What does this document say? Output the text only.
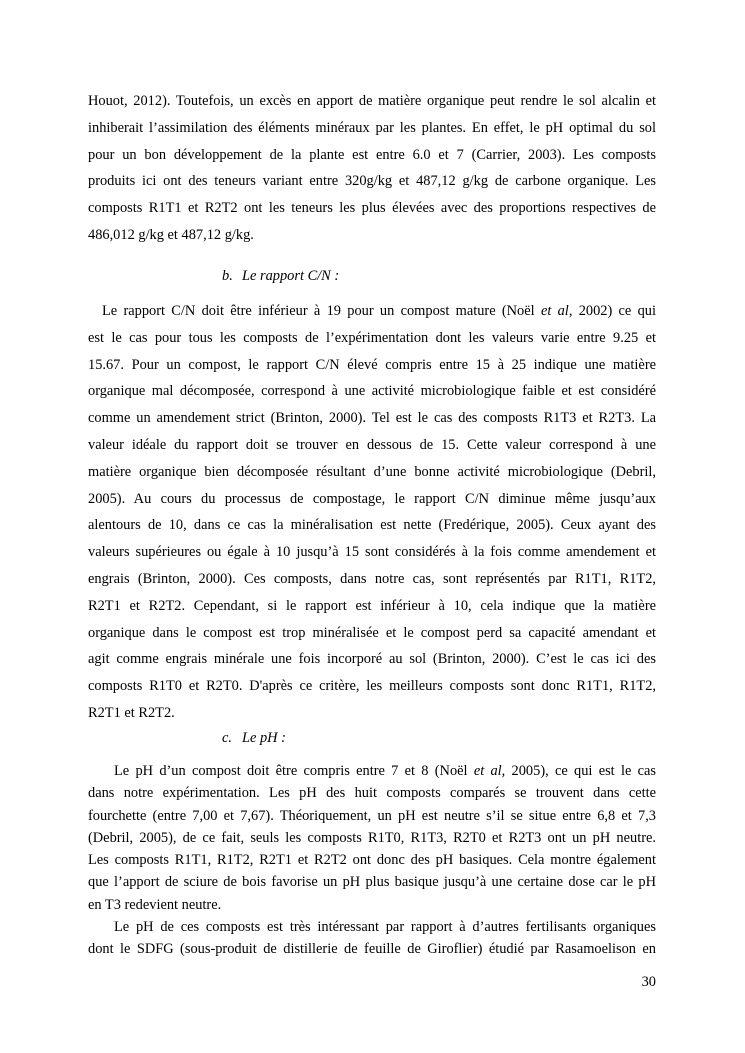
Houot, 2012). Toutefois, un excès en apport de matière organique peut rendre le sol alcalin et
inhiberait l’assimilation des éléments minéraux par les plantes. En effet, le pH optimal du sol
pour un bon développement de la plante est entre 6.0 et 7 (Carrier, 2003). Les composts
produits ici ont des teneurs variant entre 320g/kg et 487,12 g/kg de carbone organique. Les
composts R1T1 et R2T2 ont les teneurs les plus élevées avec des proportions respectives de
486,012 g/kg et 487,12 g/kg.
b. Le rapport C/N :
Le rapport C/N doit être inférieur à 19 pour un compost mature (Noël et al, 2002) ce qui
est le cas pour tous les composts de l’expérimentation dont les valeurs varie entre 9.25 et
15.67. Pour un compost, le rapport C/N élevé compris entre 15 à 25 indique une matière
organique mal décomposée, correspond à une activité microbiologique faible et est considéré
comme un amendement strict (Brinton, 2000). Tel est le cas des composts R1T3 et R2T3. La
valeur idéale du rapport doit se trouver en dessous de 15. Cette valeur correspond à une
matière organique bien décomposée résultant d’une bonne activité microbiologique (Debril,
2005). Au cours du processus de compostage, le rapport C/N diminue même jusqu’aux
alentours de 10, dans ce cas la minéralisation est nette (Fredérique, 2005). Ceux ayant des
valeurs supérieures ou égale à 10 jusqu’à 15 sont considérés à la fois comme amendement et
engrais (Brinton, 2000). Ces composts, dans notre cas, sont représentés par R1T1, R1T2,
R2T1 et R2T2. Cependant, si le rapport est inférieur à 10, cela indique que la matière
organique dans le compost est trop minéralisée et le compost perd sa capacité amendant et
agit comme engrais minérale une fois incorporé au sol (Brinton, 2000). C’est le cas ici des
composts R1T0 et R2T0. D'après ce critère, les meilleurs composts sont donc R1T1, R1T2,
R2T1 et R2T2.
c. Le pH :
Le pH d’un compost doit être compris entre 7 et 8 (Noël et al, 2005), ce qui est le cas
dans notre expérimentation. Les pH des huit composts comparés se trouvent dans cette
fourchette (entre 7,00 et 7,67). Théoriquement, un pH est neutre s’il se situe entre 6,8 et 7,3
(Debril, 2005), de ce fait, seuls les composts R1T0, R1T3, R2T0 et R2T3 ont un pH neutre.
Les composts R1T1, R1T2, R2T1 et R2T2 ont donc des pH basiques. Cela montre également
que l’apport de sciure de bois favorise un pH plus basique jusqu’à une certaine dose car le pH
en T3 redevient neutre.
Le pH de ces composts est très intéressant par rapport à d’autres fertilisants organiques
dont le SDFG (sous-produit de distillerie de feuille de Giroflier) étudié par Rasamoelison en
30
